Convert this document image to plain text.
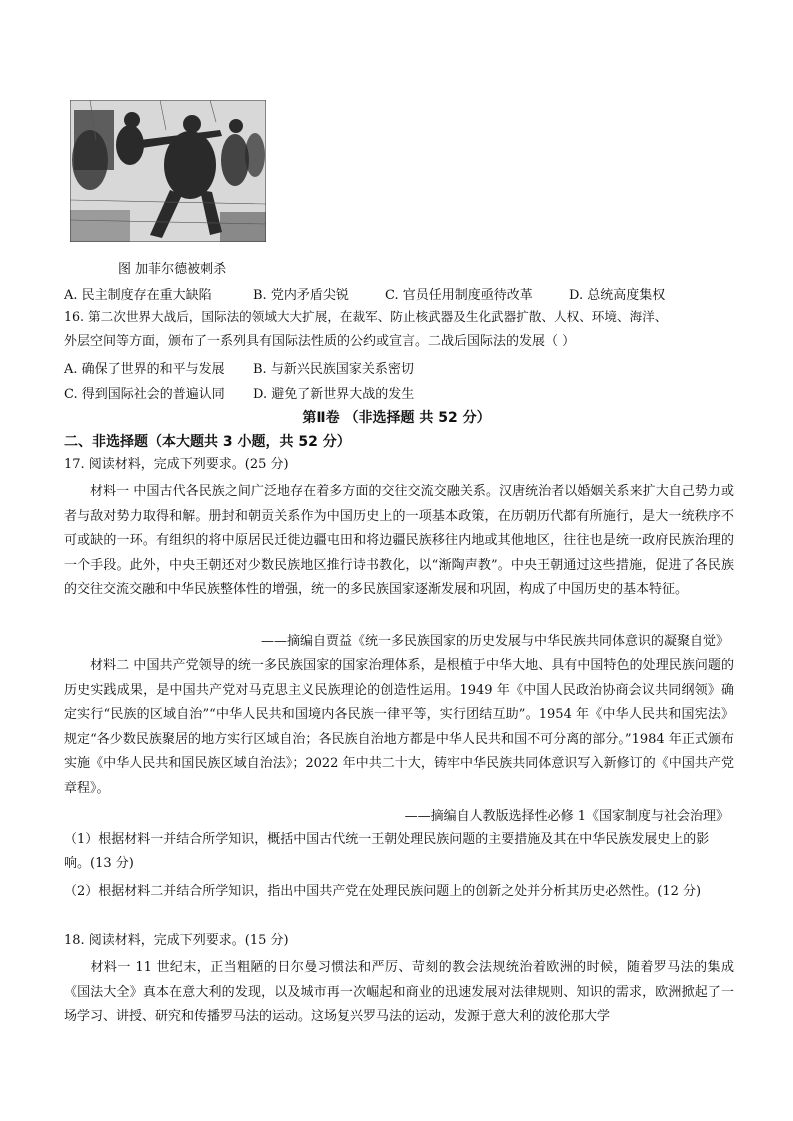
图 加菲尔德被刺杀
A. 民主制度存在重大缺陷	B. 党内矛盾尖锐	C. 官员任用制度亟待改革	D. 总统高度集权
16. 第二次世界大战后，国际法的领域大大扩展，在裁军、防止核武器及生化武器扩散、人权、环境、海洋、
外层空间等方面，颁布了一系列具有国际法性质的公约或宣言。二战后国际法的发展（ ）
A. 确保了世界的和平与发展 B. 与新兴民族国家关系密切
C. 得到国际社会的普遍认同 D. 避免了新世界大战的发生
第Ⅱ卷 （非选择题 共 52 分）
二、非选择题（本大题共 3 小题，共 52 分）
17. 阅读材料，完成下列要求。(25 分)
材料一 中国古代各民族之间广泛地存在着多方面的交往交流交融关系。汉唐统治者以婚姻关系来扩大自己势力或者与敌对势力取得和解。册封和朝贡关系作为中国历史上的一项基本政策，在历朝历代都有所施行，是大一统秩序不可或缺的一环。有组织的将中原居民迁徙边疆屯田和将边疆民族移往内地或其他地区，往往也是统一政府民族治理的一个手段。此外，中央王朝还对少数民族地区推行诗书教化，以“渐陶声教”。中央王朝通过这些措施，促进了各民族的交往交流交融和中华民族整体性的增强，统一的多民族国家逐渐发展和巩固，构成了中国历史的基本特征。
——摘编自贾益《统一多民族国家的历史发展与中华民族共同体意识的凝聚自觉》
材料二 中国共产党领导的统一多民族国家的国家治理体系，是根植于中华大地、具有中国特色的处理民族问题的历史实践成果，是中国共产党对马克思主义民族理论的创造性运用。1949 年《中国人民政治协商会议共同纲领》确定实行“民族的区域自治”“中华人民共和国境内各民族一律平等，实行团结互助”。1954 年《中华人民共和国宪法》规定“各少数民族聚居的地方实行区域自治；各民族自治地方都是中华人民共和国不可分离的部分。”1984 年正式颁布实施《中华人民共和国民族区域自治法》；2022 年中共二十大，铸牢中华民族共同体意识写入新修订的《中国共产党章程》。
——摘编自人教版选择性必修 1《国家制度与社会治理》
（1）根据材料一并结合所学知识，概括中国古代统一王朝处理民族问题的主要措施及其在中华民族发展史上的影响。(13 分)
（2）根据材料二并结合所学知识，指出中国共产党在处理民族问题上的创新之处并分析其历史必然性。(12 分)
18. 阅读材料，完成下列要求。(15 分)
材料一 11 世纪末，正当粗陋的日尔曼习惯法和严厉、苛刻的教会法规统治着欧洲的时候，随着罗马法的集成《国法大全》真本在意大利的发现，以及城市再一次崛起和商业的迅速发展对法律规则、知识的需求，欧洲掀起了一场学习、讲授、研究和传播罗马法的运动。这场复兴罗马法的运动，发源于意大利的波伦那大学
